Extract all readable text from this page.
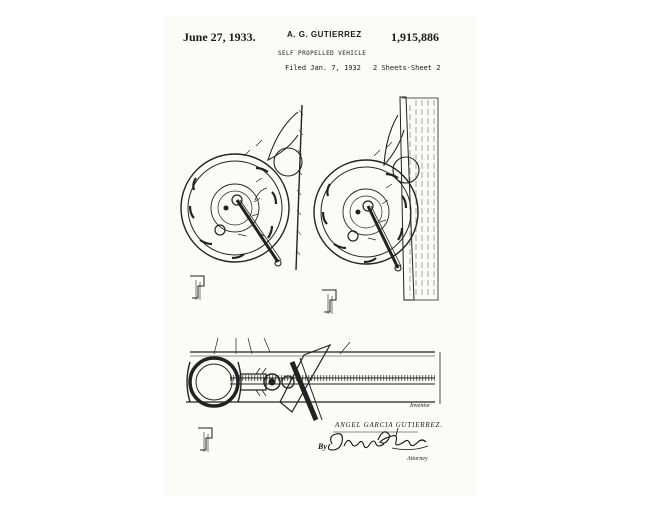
June 27, 1933.	A. G. GUTIERREZ 1,915,886
SELF PROPELLED VEHICLE
Filed Jan. 7, 1932 2 Sheets-Sheet 2
Inventor
ANGEL GARCIA GUTIERREZ.
By
Attorney
